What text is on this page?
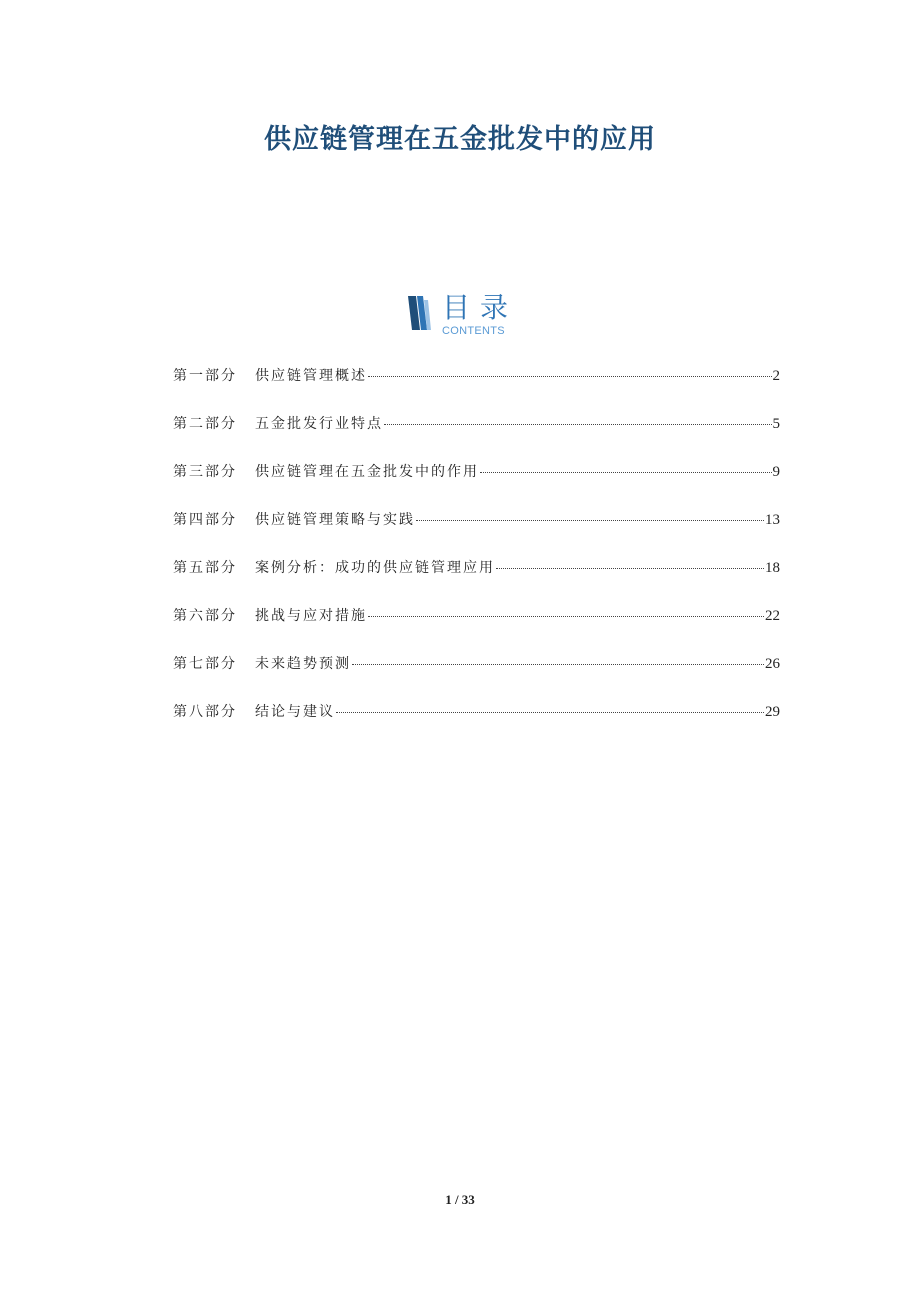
供应链管理在五金批发中的应用
目录
CONTENTS
第一部分	供应链管理概述	2
第二部分	五金批发行业特点	5
第三部分	供应链管理在五金批发中的作用	9
第四部分	供应链管理策略与实践	13
第五部分	案例分析：成功的供应链管理应用	18
第六部分	挑战与应对措施	22
第七部分	未来趋势预测	26
第八部分	结论与建议	29
1 / 33
